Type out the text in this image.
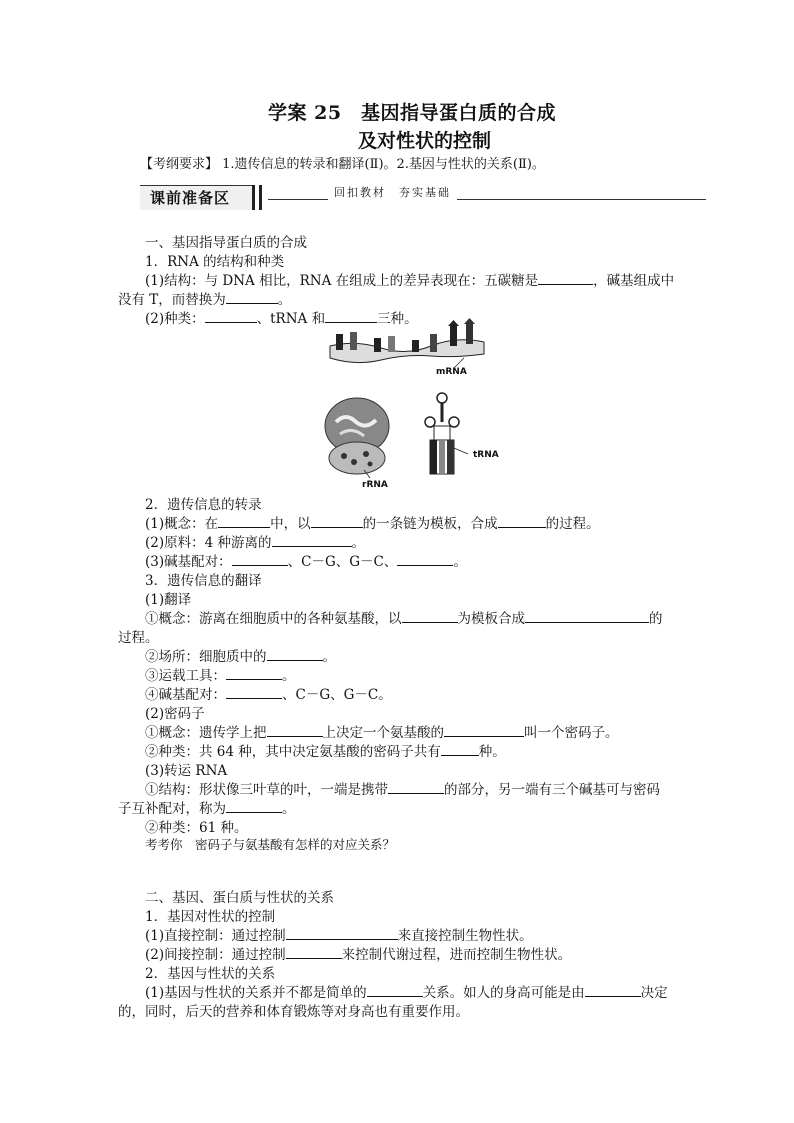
学案 25　基因指导蛋白质的合成
及对性状的控制
【考纲要求】 1.遗传信息的转录和翻译(Ⅱ)。2.基因与性状的关系(Ⅱ)。
课前准备区	回扣教材　夯实基础
一、基因指导蛋白质的合成
1．RNA 的结构和种类
(1)结构：与 DNA 相比，RNA 在组成上的差异表现在：五碳糖是	，碱基组成中
没有 T，而替换为	。
(2)种类：	、tRNA 和	三种。
mRNA
rRNA
tRNA
2．遗传信息的转录
(1)概念：在	中，以	的一条链为模板，合成	的过程。
(2)原料：4 种游离的	。
(3)碱基配对：	、C－G、G－C、	。
3．遗传信息的翻译
(1)翻译
①概念：游离在细胞质中的各种氨基酸，以	为模板合成	的
过程。
②场所：细胞质中的	。
③运载工具：	。
④碱基配对：	、C－G、G－C。
(2)密码子
①概念：遗传学上把	上决定一个氨基酸的	叫一个密码子。
②种类：共 64 种，其中决定氨基酸的密码子共有	种。
(3)转运 RNA
①结构：形状像三叶草的叶，一端是携带	的部分，另一端有三个碱基可与密码
子互补配对，称为	。
②种类：61 种。
考考你　密码子与氨基酸有怎样的对应关系？
二、基因、蛋白质与性状的关系
1．基因对性状的控制
(1)直接控制：通过控制	来直接控制生物性状。
(2)间接控制：通过控制	来控制代谢过程，进而控制生物性状。
2．基因与性状的关系
(1)基因与性状的关系并不都是简单的	关系。如人的身高可能是由	决定
的，同时，后天的营养和体育锻炼等对身高也有重要作用。
